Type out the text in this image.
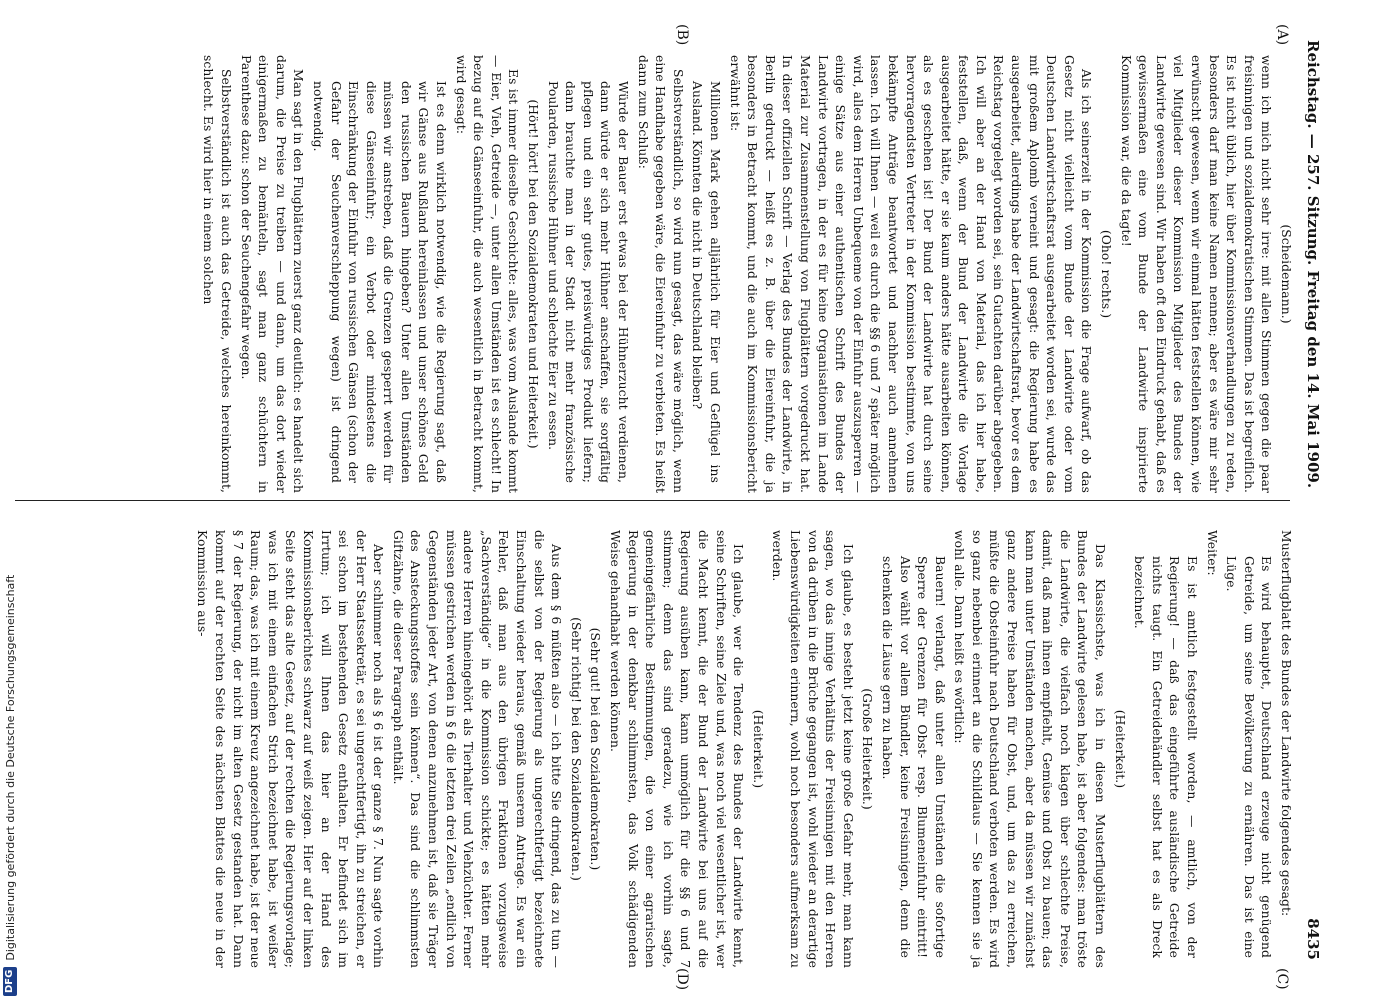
Reichstag. — 257. Sitzung. Freitag den 14. Mai 1909.
8435
(A)
(B)
(C)
(D)

(Scheidemann.)

wenn ich mich nicht sehr irre: mit allen Stimmen gegen die paar freisinnigen und sozialdemokratischen Stimmen. Das ist begreiflich. Es ist nicht üblich, hier über Kommissionsverhandlungen zu reden, besonders darf man keine Namen nennen; aber es wäre mir sehr erwünscht gewesen, wenn wir einmal hätten feststellen können, wie viel Mitglieder dieser Kommission Mitglieder des Bundes der Landwirte gewesen sind. Wir haben oft den Eindruck gehabt, daß es gewissermaßen eine vom Bunde der Landwirte inspirierte Kommission war, die da tagte!

(Oho! rechts.)

Als ich seinerzeit in der Kommission die Frage aufwarf, ob das Gesetz nicht vielleicht vom Bunde der Landwirte oder vom Deutschen Landwirtschaftsrat ausgearbeitet worden sei, wurde das mit großem Aplomb verneint und gesagt: die Regierung habe es ausgearbeitet, allerdings habe der Landwirtschaftsrat, bevor es dem Reichstag vorgelegt worden sei, sein Gutachten darüber abgegeben. Ich will aber an der Hand von Material, das ich hier habe, feststellen, daß, wenn der Bund der Landwirte die Vorlage ausgearbeitet hätte, er sie kaum anders hätte ausarbeiten können, als es geschehen ist! Der Bund der Landwirte hat durch seine hervorragendsten Vertreter in der Kommission bestimmte, von uns bekämpfte Anträge beantwortet und nachher auch annehmen lassen. Ich will Ihnen — weil es durch die §§ 6 und 7 später möglich wird, alles dem Herren Unbequeme von der Einfuhr auszusperren — einige Sätze aus einer authentischen Schrift des Bundes der Landwirte vortragen, in der es für keine Organisationen im Lande Material zur Zusammenstellung von Flugblättern vorgedruckt hat. In dieser offiziellen Schrift — Verlag des Bundes der Landwirte, in Berlin gedruckt — heißt es z. B. über die Eiereinfuhr, die ja besonders in Betracht kommt, und die auch im Kommissionsbericht erwähnt ist:

Millionen Mark gehen alljährlich für Eier und Geflügel ins Ausland. Könnten die nicht in Deutschland bleiben?

Selbstverständlich, so wird nun gesagt, das wäre möglich, wenn eine Handhabe gegeben wäre, die Eiereinfuhr zu verbieten. Es heißt dann zum Schluß:

Würde der Bauer erst etwas bei der Hühnerzucht verdienen, dann würde er sich mehr Hühner anschaffen, sie sorgfältig pflegen und ein sehr gutes, preiswürdiges Produkt liefern; dann brauchte man in der Stadt nicht mehr französische Poularden, russische Hühner und schlechte Eier zu essen.

(Hört! hört! bei den Sozialdemokraten und Heiterkeit.)

Es ist immer dieselbe Geschichte: alles, was vom Auslande kommt — Eier, Vieh, Getreide —, unter allen Umständen ist es schlecht! In bezug auf die Gänseeinfuhr, die auch wesentlich in Betracht kommt, wird gesagt:

Ist es denn wirklich notwendig, wie die Regierung sagt, daß wir Gänse aus Rußland hereinlassen und unser schönes Geld den russischen Bauern hingeben? Unter allen Umständen müssen wir anstreben, daß die Grenzen gesperrt werden für diese Gänseeinfuhr; ein Verbot oder mindestens die Einschränkung der Einfuhr von russischen Gänsen (schon der Gefahr der Seuchenverschleppung wegen) ist dringend notwendig.

Man sagt in den Flugblättern zuerst ganz deutlich: es handelt sich darum, die Preise zu treiben — und dann, um das dort wieder einigermaßen zu bemänteln, sagt man ganz schüchtern in Parenthese dazu: schon der Seuchengefahr wegen.

Selbstverständlich ist auch das Getreide, welches hereinkommt, schlecht. Es wird hier in einem solchen

Musterflugblatt des Bundes der Landwirte folgendes gesagt:

Es wird behauptet, Deutschland erzeuge nicht genügend Getreide, um seine Bevölkerung zu ernähren. Das ist eine Lüge.

Weiter:

Es ist amtlich festgestellt worden, — amtlich, von der Regierung! — daß das eingeführte ausländische Getreide nichts taugt. Ein Getreidehändler selbst hat es als Dreck bezeichnet.

(Heiterkeit.)

Das Klassischste, was ich in diesen Musterflugblättern des Bundes der Landwirte gelesen habe, ist aber folgendes: man tröste die Landwirte, die vielfach noch klagen über schlechte Preise, damit, daß man ihnen empfiehlt, Gemüse und Obst zu bauen; das kann man unter Umständen machen, aber da müssen wir zunächst ganz andere Preise haben für Obst, und, um das zu erreichen, müßte die Obsteinfuhr nach Deutschland verboten werden. Es wird so ganz nebenbei erinnert an die Schildlaus — Sie kennen sie ja wohl alle. Dann heißt es wörtlich:

Bauern! verlangt, daß unter allen Umständen die sofortige Sperre der Grenzen für Obst- resp. Blumeneinfuhr eintritt! Also wählt vor allem Bündler, keine Freisinnigen, denn die schenken die Läuse gern zu haben.

(Große Heiterkeit.)

Ich glaube, es besteht jetzt keine große Gefahr mehr, man kann sagen, wo das innige Verhältnis der Freisinnigen mit den Herren von da drüben in die Brüche gegangen ist, wohl wieder an derartige Liebenswürdigkeiten erinnern, wohl noch besonders aufmerksam zu werden.

(Heiterkeit.)

Ich glaube, wer die Tendenz des Bundes der Landwirte kennt, seine Schriften, seine Ziele und, was noch viel wesentlicher ist, wer die Macht kennt, die der Bund der Landwirte bei uns auf die Regierung ausüben kann, kann unmöglich für die §§ 6 und 7 stimmen; denn das sind geradezu, wie ich vorhin sagte, gemeingefährliche Bestimmungen, die von einer agrarischen Regierung in der denkbar schlimmsten, das Volk schädigenden Weise gehandhabt werden können.

(Sehr gut! bei den Sozialdemokraten.)

(Sehr richtig! bei den Sozialdemokraten.)

Aus dem § 6 müßten also — ich bitte Sie dringend, das zu tun — die selbst von der Regierung als ungerechtfertigt bezeichnete Einschaltung wieder heraus, gemäß unserem Antrage. Es war ein Fehler, daß man aus den übrigen Fraktionen vorzugsweise „Sachverständige“ in die Kommission schickte; es hätten mehr andere Herren hineingehört als Tierhalter und Viehzüchter. Ferner müssen gestrichen werden in § 6 die letzten drei Zeilen „endlich von Gegenständen jeder Art, von denen anzunehmen ist, daß sie Träger des Ansteckungsstoffes sein können“. Das sind die schlimmsten Giftzähne, die dieser Paragraph enthält.

Aber schlimmer noch als § 6 ist der ganze § 7. Nun sagte vorhin der Herr Staatssekretär, es sei ungerechtfertigt, ihn zu streichen, er sei schon im bestehenden Gesetz enthalten. Er befindet sich im Irrtum; ich will Ihnen das hier an der Hand des Kommissionsberichtes schwarz auf weiß zeigen. Hier auf der linken Seite steht das alte Gesetz, auf der rechten die Regierungsvorlage; was ich mit einem einfachen Strich bezeichnet habe, ist weißer Raum; das, was ich mit einem Kreuz angezeichnet habe, ist der neue § 7 der Regierung, der nicht im alten Gesetz gestanden hat. Dann kommt auf der rechten Seite des nächsten Blattes die neue in der Kommission aus-

DFG
Digitalisierung gefördert durch die Deutsche Forschungsgemeinschaft
